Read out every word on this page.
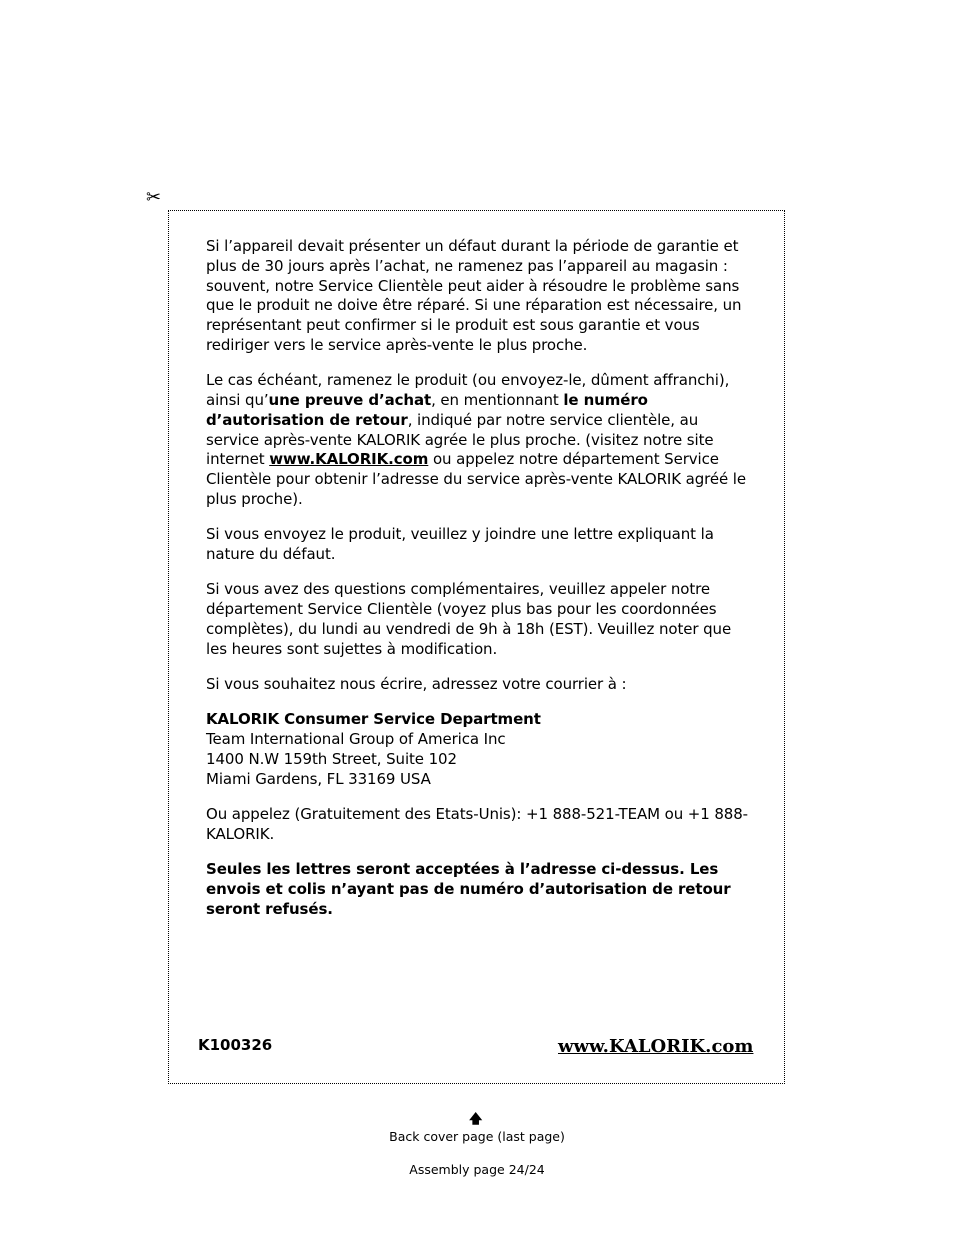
✂

Si l’appareil devait présenter un défaut durant la période de garantie et plus de 30 jours après l’achat, ne ramenez pas l’appareil au magasin : souvent, notre Service Clientèle peut aider à résoudre le problème sans que le produit ne doive être réparé. Si une réparation est nécessaire, un représentant peut confirmer si le produit est sous garantie et vous rediriger vers le service après-vente le plus proche.

Le cas échéant, ramenez le produit (ou envoyez-le, dûment affranchi), ainsi qu’une preuve d’achat, en mentionnant le numéro d’autorisation de retour, indiqué par notre service clientèle, au service après-vente KALORIK agrée le plus proche. (visitez notre site internet www.KALORIK.com ou appelez notre département Service Clientèle pour obtenir l’adresse du service après-vente KALORIK agréé le plus proche).

Si vous envoyez le produit, veuillez y joindre une lettre expliquant la nature du défaut.

Si vous avez des questions complémentaires, veuillez appeler notre département Service Clientèle (voyez plus bas pour les coordonnées complètes), du lundi au vendredi de 9h à 18h (EST). Veuillez noter que les heures sont sujettes à modification.

Si vous souhaitez nous écrire, adressez votre courrier à :

KALORIK Consumer Service Department
Team International Group of America Inc
1400 N.W 159th Street, Suite 102
Miami Gardens, FL 33169 USA

Ou appelez (Gratuitement des Etats-Unis): +1 888-521-TEAM ou +1 888-KALORIK.

Seules les lettres seront acceptées à l’adresse ci-dessus. Les envois et colis n’ayant pas de numéro d’autorisation de retour seront refusés.

K100326	www.KALORIK.com
🡅
Back cover page (last page)
Assembly page 24/24
